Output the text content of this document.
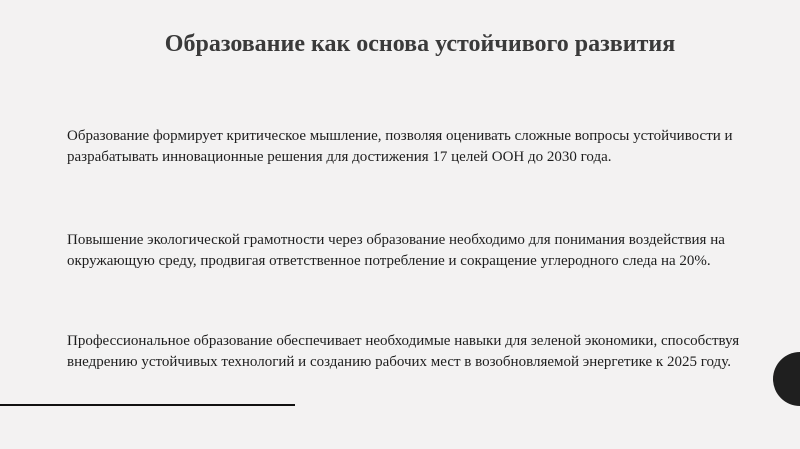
Образование как основа устойчивого развития
Образование формирует критическое мышление, позволяя оценивать сложные вопросы устойчивости и разрабатывать инновационные решения для достижения 17 целей ООН до 2030 года.
Повышение экологической грамотности через образование необходимо для понимания воздействия на окружающую среду, продвигая ответственное потребление и сокращение углеродного следа на 20%.
Профессиональное образование обеспечивает необходимые навыки для зеленой экономики, способствуя внедрению устойчивых технологий и созданию рабочих мест в возобновляемой энергетике к 2025 году.
